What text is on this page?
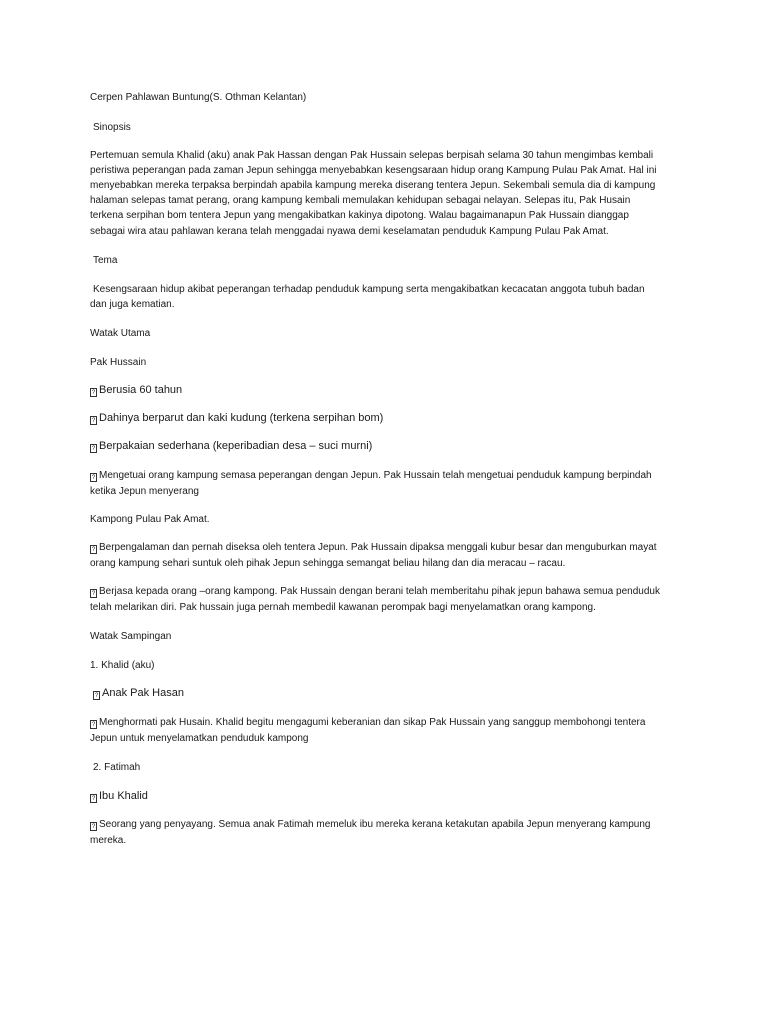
Cerpen Pahlawan Buntung(S. Othman Kelantan)
Sinopsis
Pertemuan semula Khalid (aku) anak Pak Hassan dengan Pak Hussain selepas berpisah selama 30 tahun mengimbas kembali
peristiwa peperangan pada zaman Jepun sehingga menyebabkan kesengsaraan hidup orang Kampung Pulau Pak Amat. Hal ini
menyebabkan mereka terpaksa berpindah apabila kampung mereka diserang tentera Jepun. Sekembali semula dia di kampung
halaman selepas tamat perang, orang kampung kembali memulakan kehidupan sebagai nelayan. Selepas itu, Pak Husain
terkena serpihan bom tentera Jepun yang mengakibatkan kakinya dipotong. Walau bagaimanapun Pak Hussain dianggap
sebagai wira atau pahlawan kerana telah menggadai nyawa demi keselamatan penduduk Kampung Pulau Pak Amat.
Tema
Kesengsaraan hidup akibat peperangan terhadap penduduk kampung serta mengakibatkan kecacatan anggota tubuh badan
dan juga kematian.
Watak Utama
Pak Hussain
? Berusia 60 tahun
? Dahinya berparut dan kaki kudung (terkena serpihan bom)
? Berpakaian sederhana (keperibadian desa – suci murni)
? Mengetuai orang kampung semasa peperangan dengan Jepun. Pak Hussain telah mengetuai penduduk kampung berpindah
ketika Jepun menyerang
Kampong Pulau Pak Amat.
? Berpengalaman dan pernah diseksa oleh tentera Jepun. Pak Hussain dipaksa menggali kubur besar dan menguburkan mayat
orang kampung sehari suntuk oleh pihak Jepun sehingga semangat beliau hilang dan dia meracau – racau.
? Berjasa kepada orang –orang kampong. Pak Hussain dengan berani telah memberitahu pihak jepun bahawa semua penduduk
telah melarikan diri. Pak hussain juga pernah membedil kawanan perompak bagi menyelamatkan orang kampong.
Watak Sampingan
1. Khalid (aku)
? Anak Pak Hasan
? Menghormati pak Husain. Khalid begitu mengagumi keberanian dan sikap Pak Hussain yang sanggup membohongi tentera
Jepun untuk menyelamatkan penduduk kampong
2. Fatimah
? Ibu Khalid
? Seorang yang penyayang. Semua anak Fatimah memeluk ibu mereka kerana ketakutan apabila Jepun menyerang kampung
mereka.
